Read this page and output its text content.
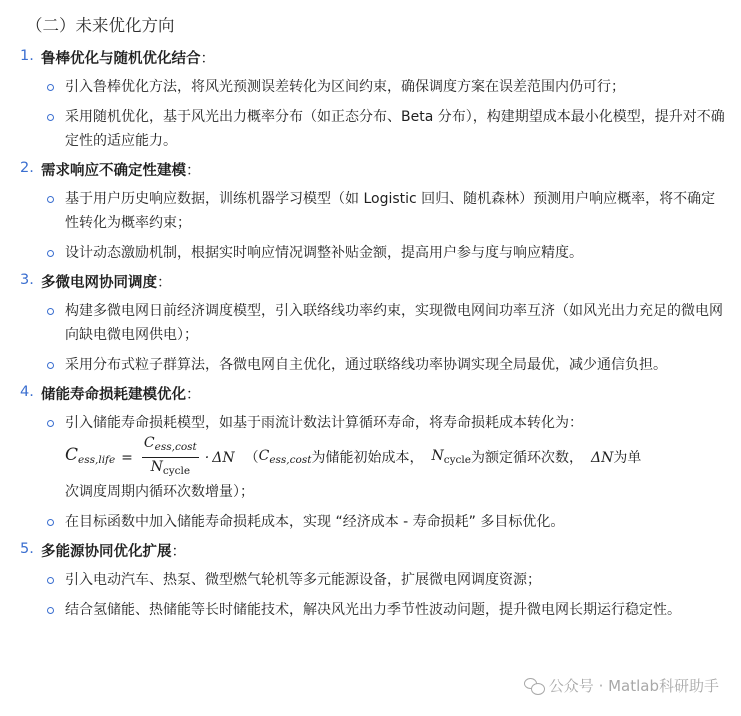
（二）未来优化方向
1. 鲁棒优化与随机优化结合：
引入鲁棒优化方法，将风光预测误差转化为区间约束，确保调度方案在误差范围内仍可行；
采用随机优化，基于风光出力概率分布（如正态分布、Beta 分布），构建期望成本最小化模型，提升对不确定性的适应能力。
2. 需求响应不确定性建模：
基于用户历史响应数据，训练机器学习模型（如 Logistic 回归、随机森林）预测用户响应概率，将不确定性转化为概率约束；
设计动态激励机制，根据实时响应情况调整补贴金额，提高用户参与度与响应精度。
3. 多微电网协同调度：
构建多微电网日前经济调度模型，引入联络线功率约束，实现微电网间功率互济（如风光出力充足的微电网向缺电微电网供电）；
采用分布式粒子群算法，各微电网自主优化，通过联络线功率协调实现全局最优，减少通信负担。
4. 储能寿命损耗建模优化：
引入储能寿命损耗模型，如基于雨流计数法计算循环寿命，将寿命损耗成本转化为：
Cess,life = $\frac{C_{ess,cost}}{N_{cycle}} \cdot \Delta N$ （ $C_{ess,cost}$ 为储能初始成本， $N_{cycle}$ 为额定循环次数， ΔN 为单
次调度周期内循环次数增量）；
在目标函数中加入储能寿命损耗成本，实现 “经济成本 - 寿命损耗” 多目标优化。
5. 多能源协同优化扩展：
引入电动汽车、热泵、微型燃气轮机等多元能源设备，扩展微电网调度资源；
结合氢储能、热储能等长时储能技术，解决风光出力季节性波动问题，提升微电网长期运行稳定性。
公众号 · Matlab科研助手
